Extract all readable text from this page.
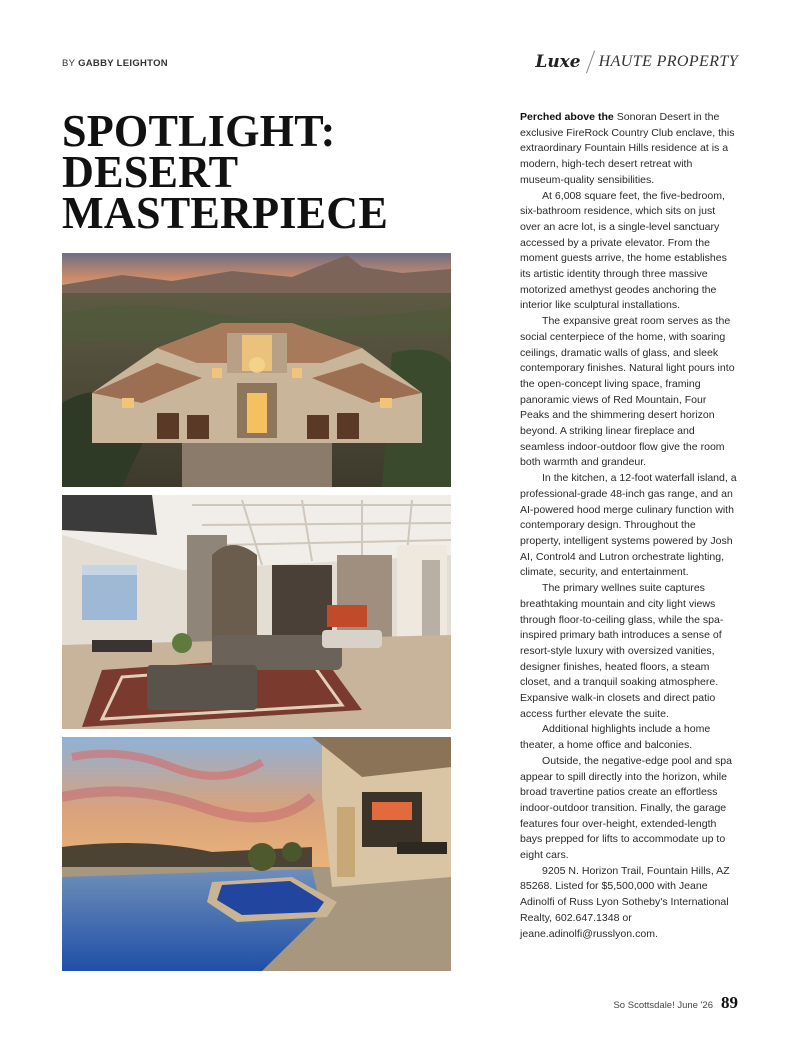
BY GABBY LEIGHTON	Luxe HAUTE PROPERTY
SPOTLIGHT:
DESERT
MASTERPIECE

Perched above the Sonoran Desert in the exclusive FireRock Country Club enclave, this extraordinary Fountain Hills residence at is a modern, high-tech desert retreat with museum-quality sensibilities.

At 6,008 square feet, the five-bedroom, six-bathroom residence, which sits on just over an acre lot, is a single-level sanctuary accessed by a private elevator. From the moment guests arrive, the home establishes its artistic identity through three massive motorized amethyst geodes anchoring the interior like sculptural installations.

The expansive great room serves as the social centerpiece of the home, with soaring ceilings, dramatic walls of glass, and sleek contemporary finishes. Natural light pours into the open-concept living space, framing panoramic views of Red Mountain, Four Peaks and the shimmering desert horizon beyond. A striking linear fireplace and seamless indoor-outdoor flow give the room both warmth and grandeur.

In the kitchen, a 12-foot waterfall island, a professional-grade 48-inch gas range, and an AI-powered hood merge culinary function with contemporary design. Throughout the property, intelligent systems powered by Josh AI, Control4 and Lutron orchestrate lighting, climate, security, and entertainment.

The primary wellnes suite captures breathtaking mountain and city light views through floor-to-ceiling glass, while the spa-inspired primary bath introduces a sense of resort-style luxury with oversized vanities, designer finishes, heated floors, a steam closet, and a tranquil soaking atmosphere. Expansive walk-in closets and direct patio access further elevate the suite.

Additional highlights include a home theater, a home office and balconies.

Outside, the negative-edge pool and spa appear to spill directly into the horizon, while broad travertine patios create an effortless indoor-outdoor transition. Finally, the garage features four over-height, extended-length bays prepped for lifts to accommodate up to eight cars.

9205 N. Horizon Trail, Fountain Hills, AZ 85268. Listed for $5,500,000 with Jeane Adinolfi of Russ Lyon Sotheby's International Realty, 602.647.1348 or jeane.adinolfi@russlyon.com.

So Scottsdale! June '26 89
